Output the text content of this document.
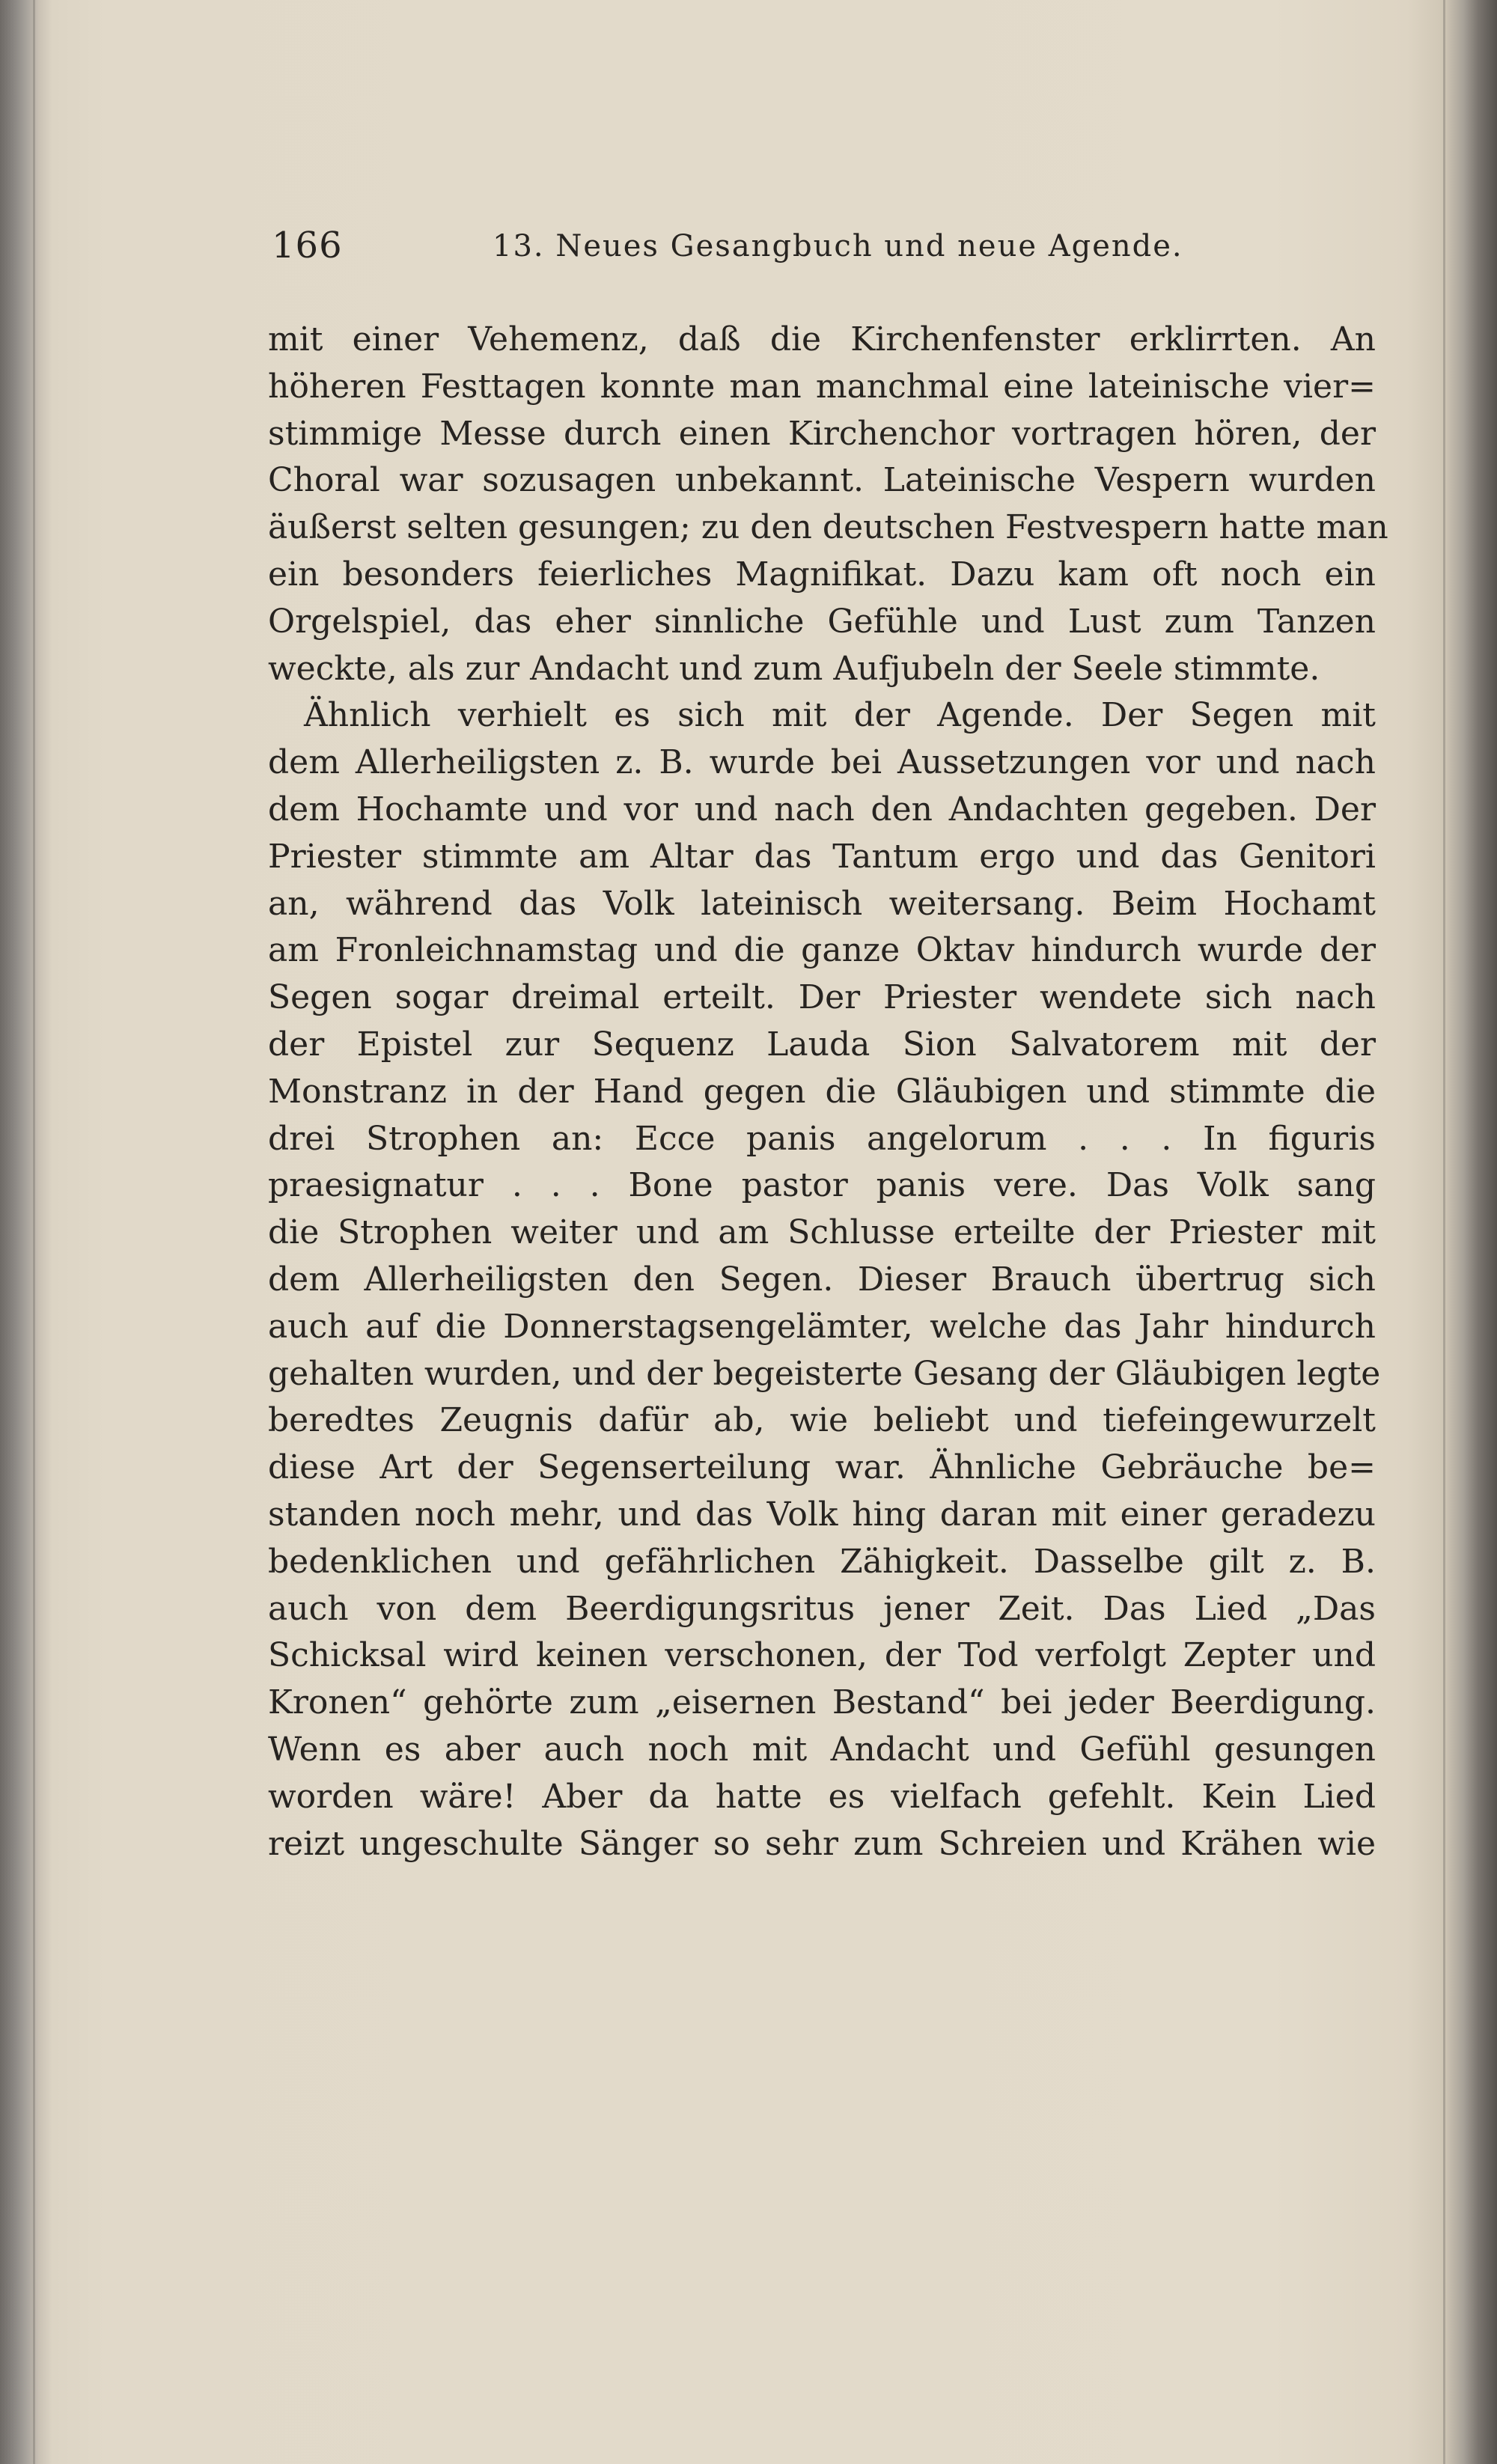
166	13. Neues Gesangbuch und neue Agende.
mit einer Vehemenz, daß die Kirchenfenster erklirrten. An
höheren Festtagen konnte man manchmal eine lateinische vier=
stimmige Messe durch einen Kirchenchor vortragen hören, der
Choral war sozusagen unbekannt. Lateinische Vespern wurden
äußerst selten gesungen; zu den deutschen Festvespern hatte man
ein besonders feierliches Magnifikat. Dazu kam oft noch ein
Orgelspiel, das eher sinnliche Gefühle und Lust zum Tanzen
weckte, als zur Andacht und zum Aufjubeln der Seele stimmte.
Ähnlich verhielt es sich mit der Agende. Der Segen mit
dem Allerheiligsten z. B. wurde bei Aussetzungen vor und nach
dem Hochamte und vor und nach den Andachten gegeben. Der
Priester stimmte am Altar das Tantum ergo und das Genitori
an, während das Volk lateinisch weitersang. Beim Hochamt
am Fronleichnamstag und die ganze Oktav hindurch wurde der
Segen sogar dreimal erteilt. Der Priester wendete sich nach
der Epistel zur Sequenz Lauda Sion Salvatorem mit der
Monstranz in der Hand gegen die Gläubigen und stimmte die
drei Strophen an: Ecce panis angelorum . . . In figuris
praesignatur . . . Bone pastor panis vere. Das Volk sang
die Strophen weiter und am Schlusse erteilte der Priester mit
dem Allerheiligsten den Segen. Dieser Brauch übertrug sich
auch auf die Donnerstagsengelämter, welche das Jahr hindurch
gehalten wurden, und der begeisterte Gesang der Gläubigen legte
beredtes Zeugnis dafür ab, wie beliebt und tiefeingewurzelt
diese Art der Segenserteilung war. Ähnliche Gebräuche be=
standen noch mehr, und das Volk hing daran mit einer geradezu
bedenklichen und gefährlichen Zähigkeit. Dasselbe gilt z. B.
auch von dem Beerdigungsritus jener Zeit. Das Lied „Das
Schicksal wird keinen verschonen, der Tod verfolgt Zepter und
Kronen“ gehörte zum „eisernen Bestand“ bei jeder Beerdigung.
Wenn es aber auch noch mit Andacht und Gefühl gesungen
worden wäre! Aber da hatte es vielfach gefehlt. Kein Lied
reizt ungeschulte Sänger so sehr zum Schreien und Krähen wie
